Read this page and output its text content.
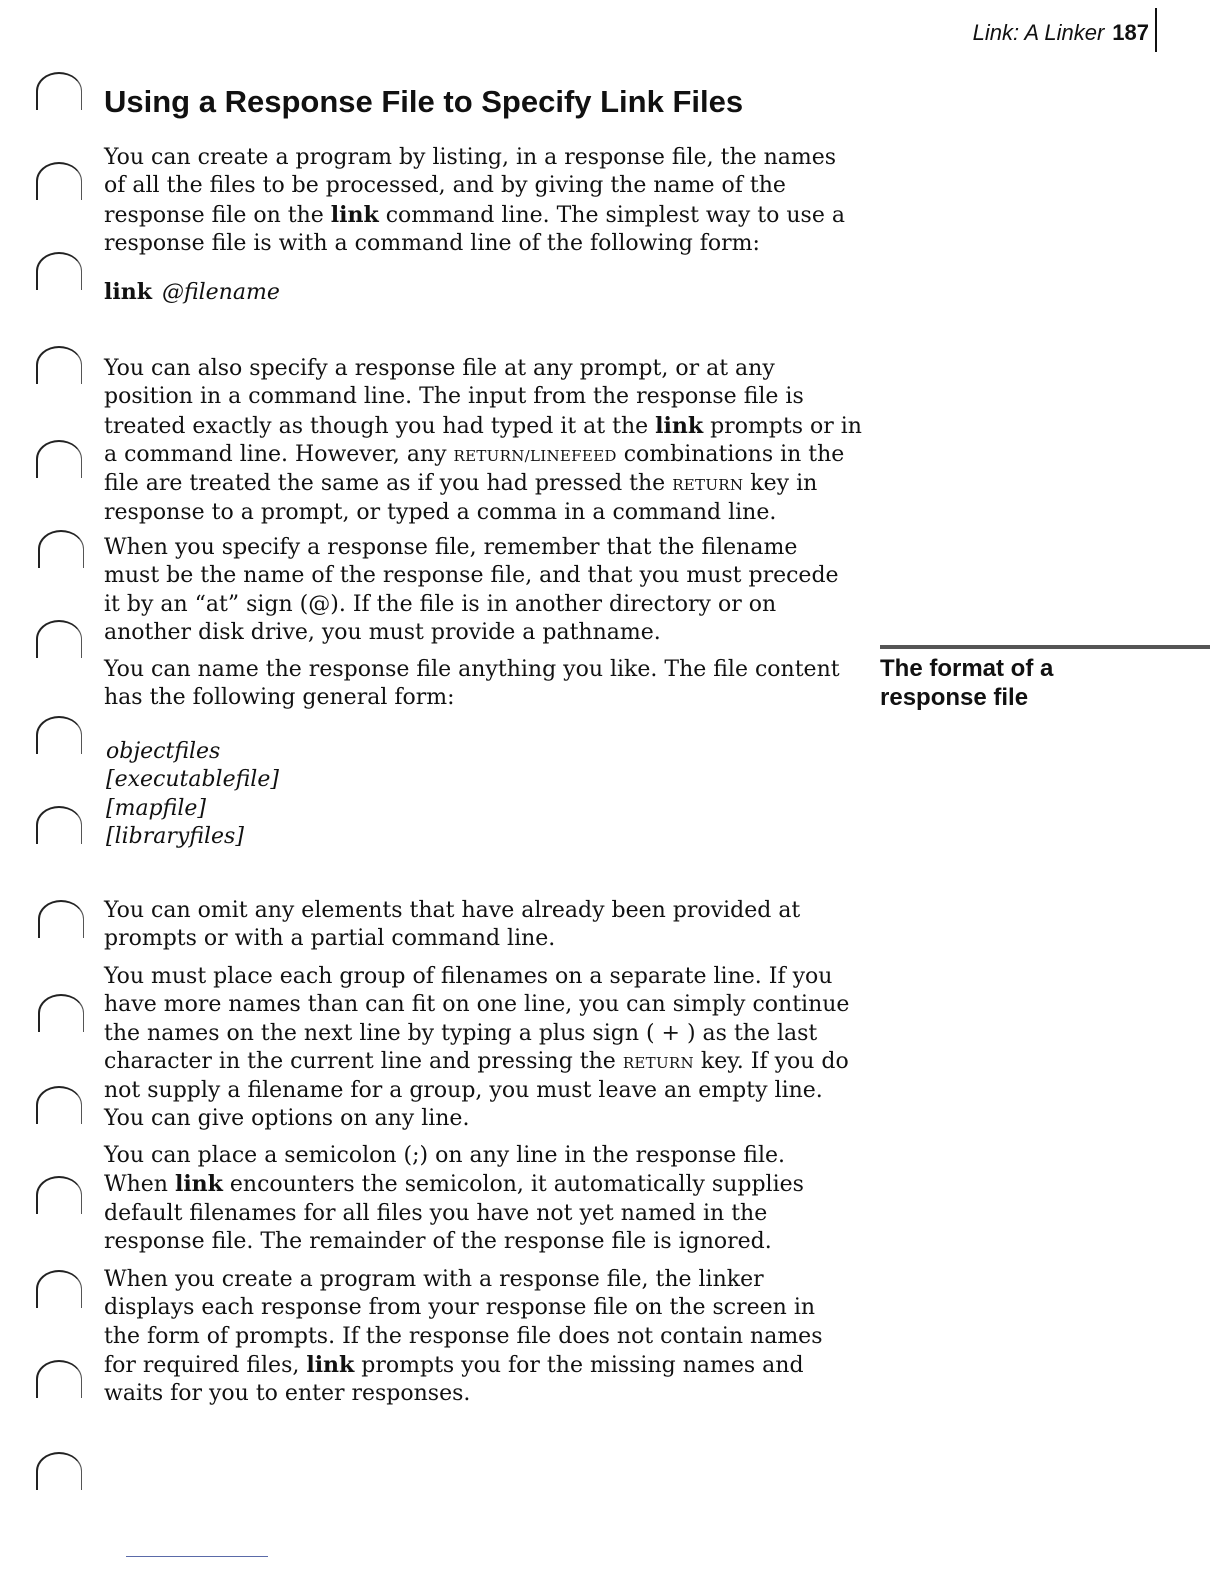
Link: A Linker 187
Using a Response File to Specify Link Files

You can create a program by listing, in a response file, the names of all the files to be processed, and by giving the name of the response file on the link command line. The simplest way to use a response file is with a command line of the following form:

link @filename

You can also specify a response file at any prompt, or at any position in a command line. The input from the response file is treated exactly as though you had typed it at the link prompts or in a command line. However, any RETURN/LINEFEED combinations in the file are treated the same as if you had pressed the RETURN key in response to a prompt, or typed a comma in a command line.

When you specify a response file, remember that the filename must be the name of the response file, and that you must precede it by an “at” sign (@). If the file is in another directory or on another disk drive, you must provide a pathname.

You can name the response file anything you like. The file content has the following general form:

The format of a response file
objectfiles
[executablefile]
[mapfile]
[libraryfiles]

You can omit any elements that have already been provided at prompts or with a partial command line.

You must place each group of filenames on a separate line. If you have more names than can fit on one line, you can simply continue the names on the next line by typing a plus sign ( + ) as the last character in the current line and pressing the RETURN key. If you do not supply a filename for a group, you must leave an empty line. You can give options on any line.

You can place a semicolon (;) on any line in the response file. When link encounters the semicolon, it automatically supplies default filenames for all files you have not yet named in the response file. The remainder of the response file is ignored.

When you create a program with a response file, the linker displays each response from your response file on the screen in the form of prompts. If the response file does not contain names for required files, link prompts you for the missing names and waits for you to enter responses.
